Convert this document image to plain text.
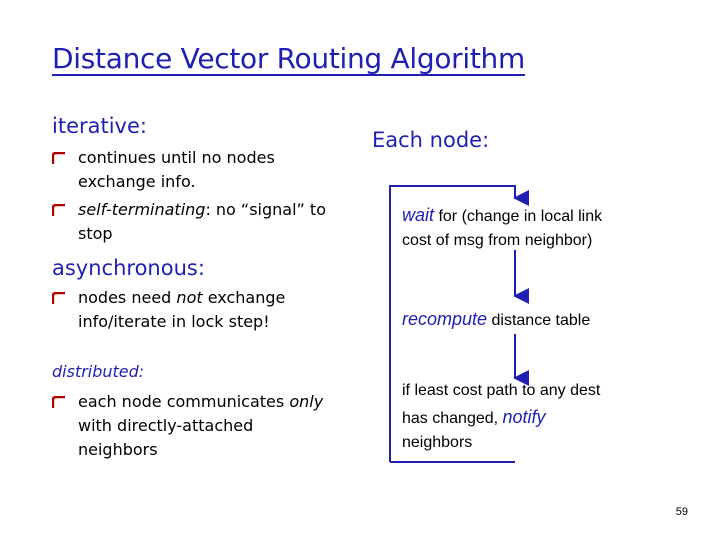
Distance Vector Routing Algorithm
iterative:
continues until no nodes exchange info.
self-terminating: no “signal” to stop
asynchronous:
nodes need not exchange info/iterate in lock step!
distributed:
each node communicates only with directly-attached neighbors
Each node:
wait for (change in local link
cost of msg from neighbor)
recompute distance table
if least cost path to any dest
has changed, notify
neighbors
59
